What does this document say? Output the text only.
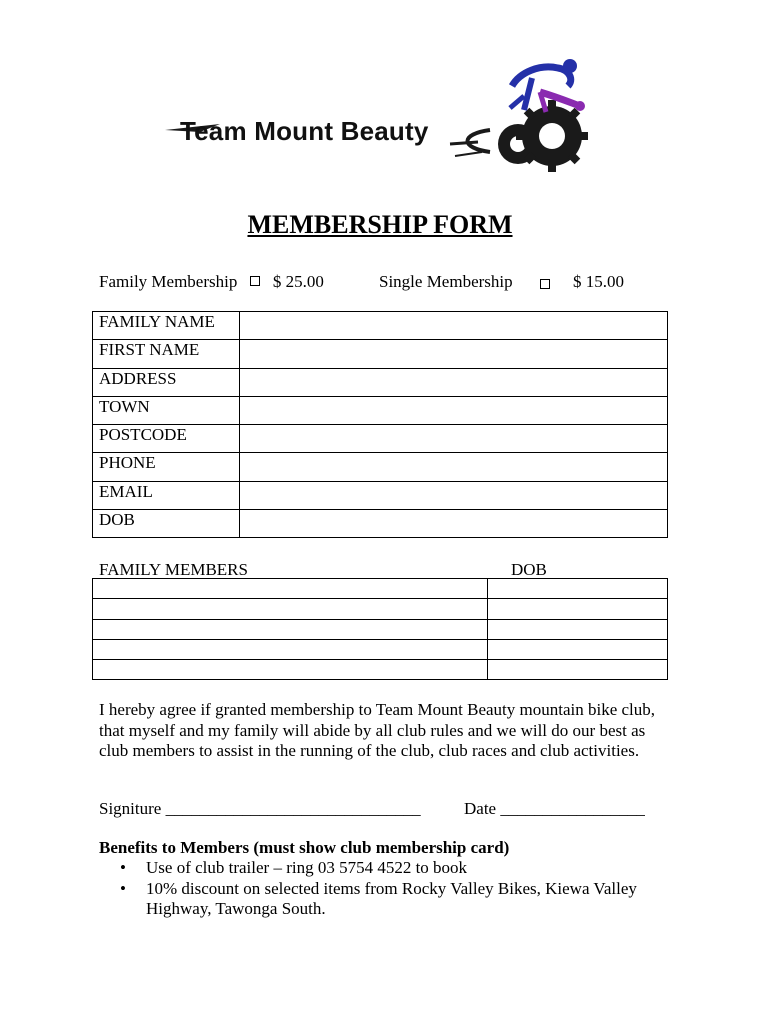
Team Mount Beauty
MEMBERSHIP FORM
Family Membership $ 25.00	Single Membership	$ 15.00
FAMILY NAME	
FIRST NAME	
ADDRESS	
TOWN	
POSTCODE	
PHONE	
EMAIL	
DOB	
FAMILY MEMBERS	DOB

I hereby agree if granted membership to Team Mount Beauty mountain bike club, that myself and my family will abide by all club rules and we will do our best as club members to assist in the running of the club, club races and club activities.
Signiture ______________________________	Date _________________
Benefits to Members (must show club membership card)
• Use of club trailer – ring 03 5754 4522 to book
• 10% discount on selected items from Rocky Valley Bikes, Kiewa Valley Highway, Tawonga South.
